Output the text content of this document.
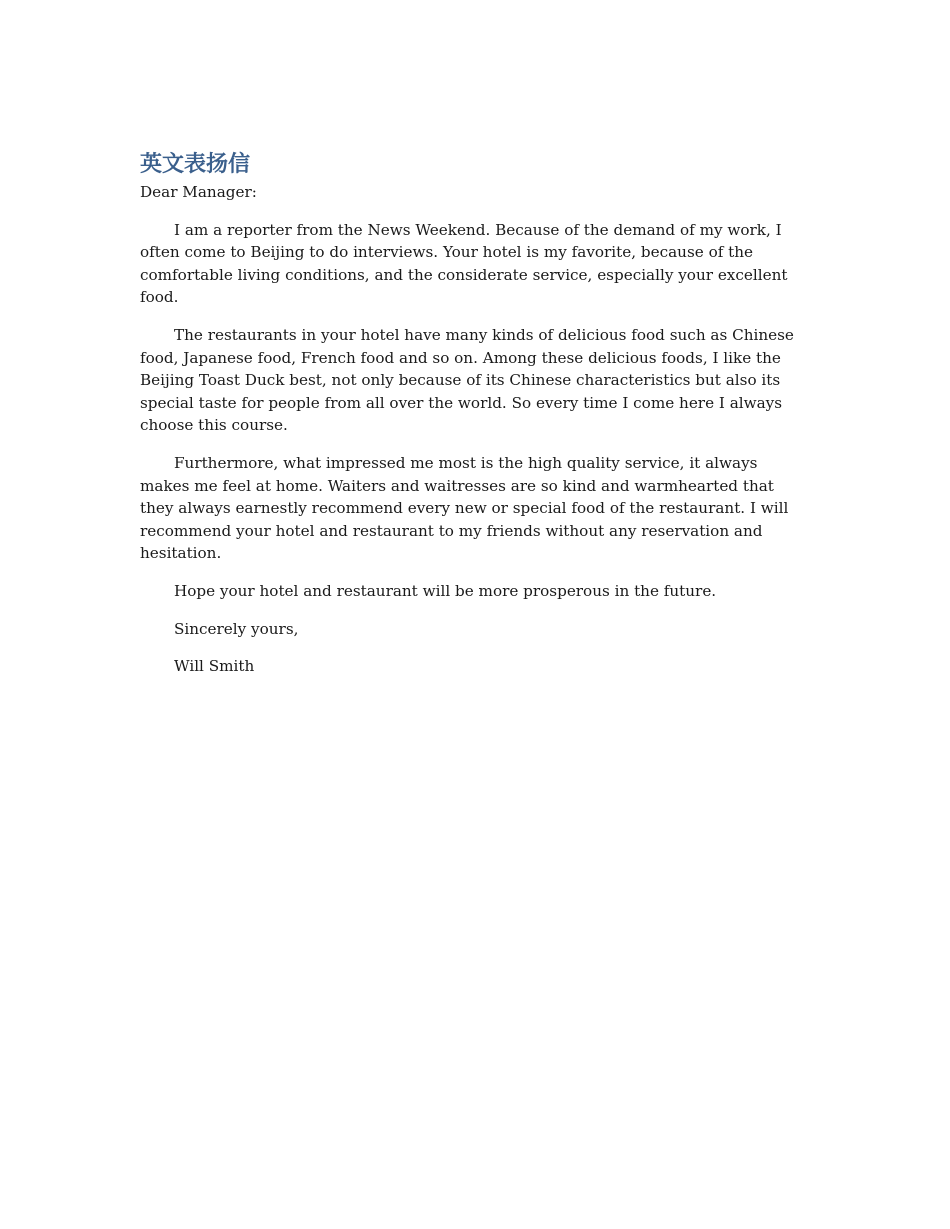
英文表扬信

Dear Manager:

I am a reporter from the News Weekend. Because of the demand of my work, I often come to Beijing to do interviews. Your hotel is my favorite, because of the comfortable living conditions, and the considerate service, especially your excellent food.

The restaurants in your hotel have many kinds of delicious food such as Chinese food, Japanese food, French food and so on. Among these delicious foods, I like the Beijing Toast Duck best, not only because of its Chinese characteristics but also its special taste for people from all over the world. So every time I come here I always choose this course.

Furthermore, what impressed me most is the high quality service, it always makes me feel at home. Waiters and waitresses are so kind and warmhearted that they always earnestly recommend every new or special food of the restaurant. I will recommend your hotel and restaurant to my friends without any reservation and hesitation.

Hope your hotel and restaurant will be more prosperous in the future.

Sincerely yours,

Will Smith
